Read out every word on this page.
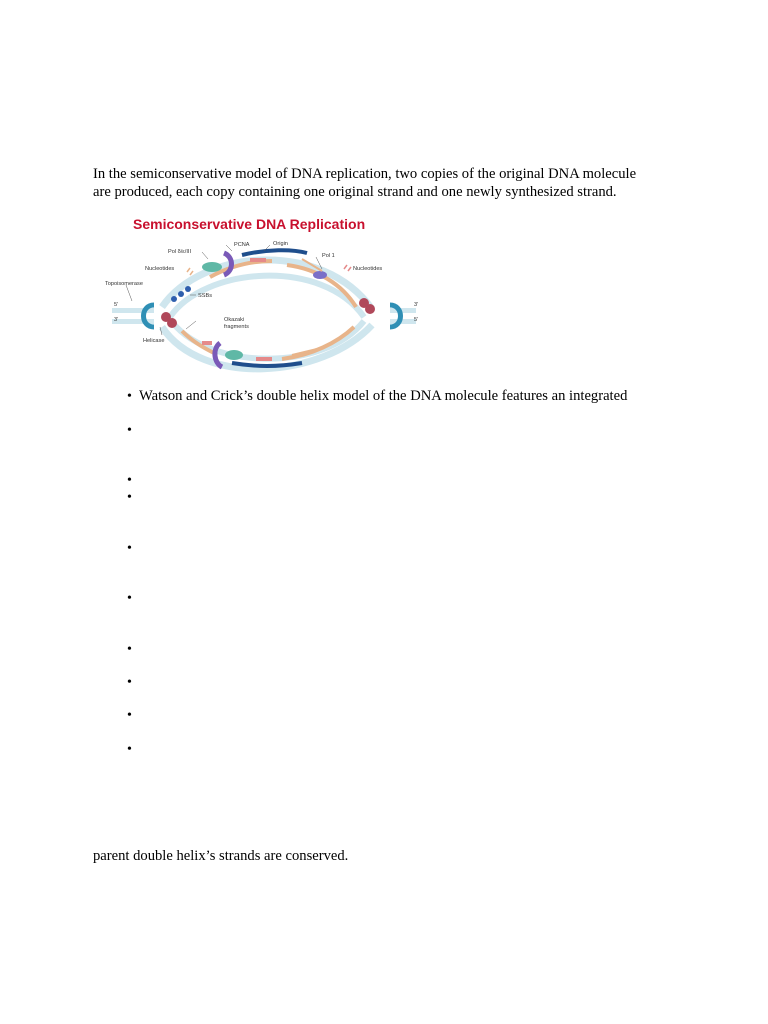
In the semiconservative model of DNA replication, two copies of the original DNA molecule
are produced, each copy containing one original strand and one newly synthesized strand.

Semiconservative DNA Replication
PCNA	Origin
Pol δ/ε/III
Pol 1
Nucleotides	Nucleotides
Topoisomerase
SSBs
Okazaki
fragments
Helicase
5'
3'
3'
5'
• Watson and Crick’s double helix model of the DNA molecule features an integrated
•
•
•
•
•
•
•
•
•

parent double helix’s strands are conserved.
